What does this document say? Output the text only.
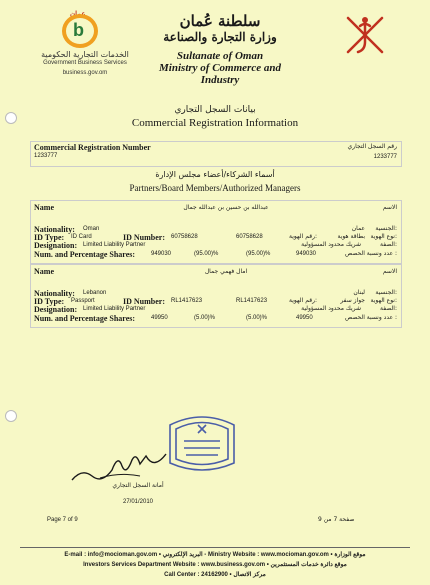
عمان
b
الخدمات التجارية الحكومية
Government Business Services
business.gov.om
سلطنة عُمان
وزارة التجارة والصناعة
Sultanate of Oman
Ministry of Commerce and Industry
بيانات السجل التجاري
Commercial Registration Information
Commercial Registration Number
1233777
رقم السجل التجاري
1233777
أسماء الشركاء/أعضاء مجلس الإدارة
Partners/Board Members/Authorized Managers
Name	عبدالله بن حسين بن عبدالله جمال	الاسم
Nationality: Oman	عمان الجنسية:
ID Type: ID Card	ID Number: 60758628	60758628	رقم الهوية:	بطاقة هوية نوع الهوية:
Designation: Limited Liability Partner	شريك محدود المسؤولية	الصفة:
Num. and Percentage Shares:	949030	(95.00)%	(95.00)%	949030	عدد ونسبة الحصص :
Name	امال فهمي جمال	الاسم
Nationality: Lebanon	لبنان الجنسية:
ID Type: Passport	ID Number: RL1417623	RL1417623	رقم الهوية:	جواز سفر نوع الهوية:
Designation: Limited Liability Partner	شريك محدود المسؤولية	الصفة:
Num. and Percentage Shares:	49950	(5.00)%	(5.00)%	49950	عدد ونسبة الحصص :
أمانة السجل التجاري
27/01/2010
Page 7 of 9	صفحة 7 من 9
E-mail : info@mocioman.gov.om • البريد الإلكتروني - Ministry Website : www.mocioman.gov.om • موقع الوزارة
Investors Services Department Website : www.business.gov.om • موقع دائرة خدمات المستثمرين
Call Center : 24162900 • مركز الاتصال
